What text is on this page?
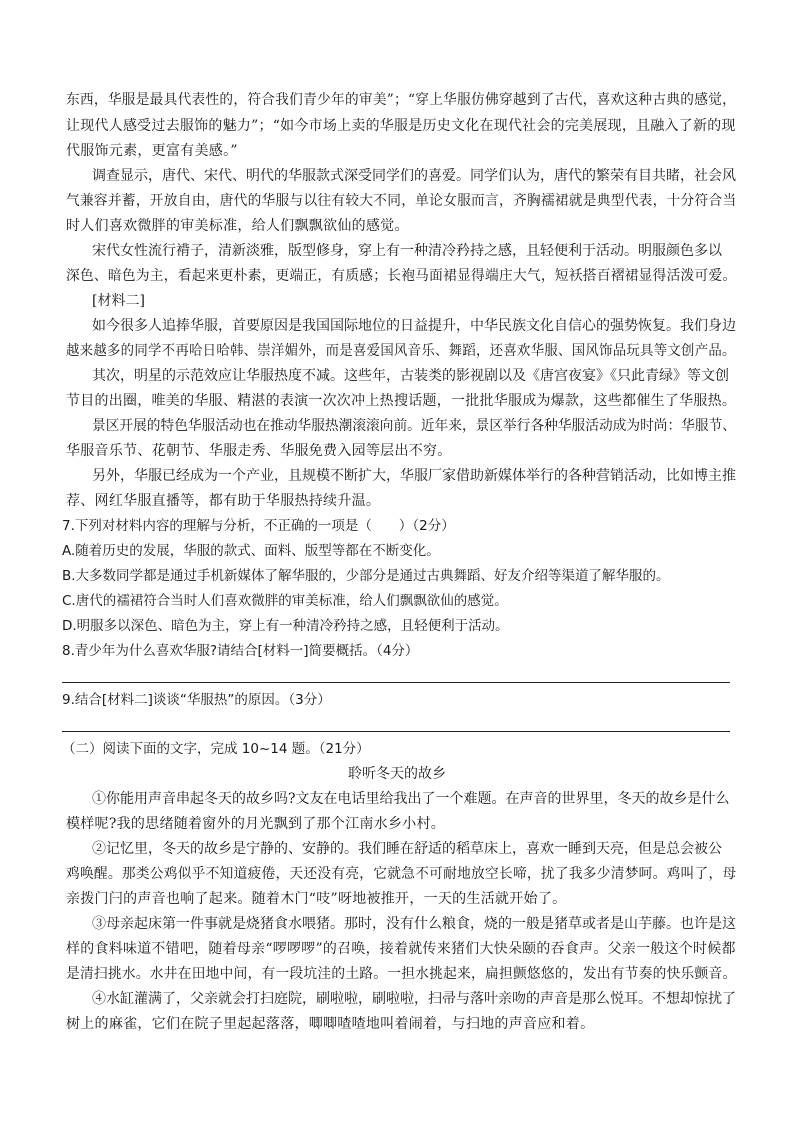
东西，华服是最具代表性的，符合我们青少年的审美”；“穿上华服仿佛穿越到了古代，喜欢这种古典的感觉，
让现代人感受过去服饰的魅力”；“如今市场上卖的华服是历史文化在现代社会的完美展现，且融入了新的现
代服饰元素，更富有美感。”
调查显示，唐代、宋代、明代的华服款式深受同学们的喜爱。同学们认为，唐代的繁荣有目共睹，社会风
气兼容并蓄，开放自由，唐代的华服与以往有较大不同，单论女服而言，齐胸襦裙就是典型代表，十分符合当
时人们喜欢微胖的审美标准，给人们飘飘欲仙的感觉。
宋代女性流行褙子，清新淡雅，版型修身，穿上有一种清冷矜持之感，且轻便利于活动。明服颜色多以
深色、暗色为主，看起来更朴素，更端正，有质感；长袍马面裙显得端庄大气，短袄搭百褶裙显得活泼可爱。
[材料二]
如今很多人追捧华服，首要原因是我国国际地位的日益提升，中华民族文化自信心的强势恢复。我们身边
越来越多的同学不再哈日哈韩、崇洋媚外，而是喜爱国风音乐、舞蹈，还喜欢华服、国风饰品玩具等文创产品。
其次，明星的示范效应让华服热度不减。这些年，古装类的影视剧以及《唐宫夜宴》《只此青绿》等文创
节目的出圈，唯美的华服、精湛的表演一次次冲上热搜话题，一批批华服成为爆款，这些都催生了华服热。
景区开展的特色华服活动也在推动华服热潮滚滚向前。近年来，景区举行各种华服活动成为时尚：华服节、
华服音乐节、花朝节、华服走秀、华服免费入园等层出不穷。
另外，华服已经成为一个产业，且规模不断扩大，华服厂家借助新媒体举行的各种营销活动，比如博主推
荐、网红华服直播等，都有助于华服热持续升温。
7.下列对材料内容的理解与分析，不正确的一项是（　　）（2分）
A.随着历史的发展，华服的款式、面料、版型等都在不断变化。
B.大多数同学都是通过手机新媒体了解华服的，少部分是通过古典舞蹈、好友介绍等渠道了解华服的。
C.唐代的襦裙符合当时人们喜欢微胖的审美标准，给人们飘飘欲仙的感觉。
D.明服多以深色、暗色为主，穿上有一种清冷矜持之感，且轻便利于活动。
8.青少年为什么喜欢华服?请结合[材料一]简要概括。（4分）
9.结合[材料二]谈谈“华服热”的原因。（3分）
（二）阅读下面的文字，完成 10~14 题。（21分）
聆听冬天的故乡
①你能用声音串起冬天的故乡吗?文友在电话里给我出了一个难题。在声音的世界里，冬天的故乡是什么
模样呢?我的思绪随着窗外的月光飘到了那个江南水乡小村。
②记忆里，冬天的故乡是宁静的、安静的。我们睡在舒适的稻草床上，喜欢一睡到天亮，但是总会被公
鸡唤醒。那类公鸡似乎不知道疲倦，天还没有亮，它就急不可耐地放空长啼，扰了我多少清梦呵。鸡叫了，母
亲拨门闩的声音也响了起来。随着木门“吱”呀地被推开，一天的生活就开始了。
③母亲起床第一件事就是烧猪食水喂猪。那时，没有什么粮食，烧的一般是猪草或者是山芋藤。也许是这
样的食料味道不错吧，随着母亲“啰啰啰”的召唤，接着就传来猪们大快朵颐的吞食声。父亲一般这个时候都
是清扫挑水。水井在田地中间，有一段坑洼的土路。一担水挑起来，扁担颤悠悠的，发出有节奏的快乐颤音。
④水缸灌满了，父亲就会打扫庭院，刷啦啦，刷啦啦，扫帚与落叶亲吻的声音是那么悦耳。不想却惊扰了
树上的麻雀，它们在院子里起起落落，唧唧喳喳地叫着闹着，与扫地的声音应和着。
